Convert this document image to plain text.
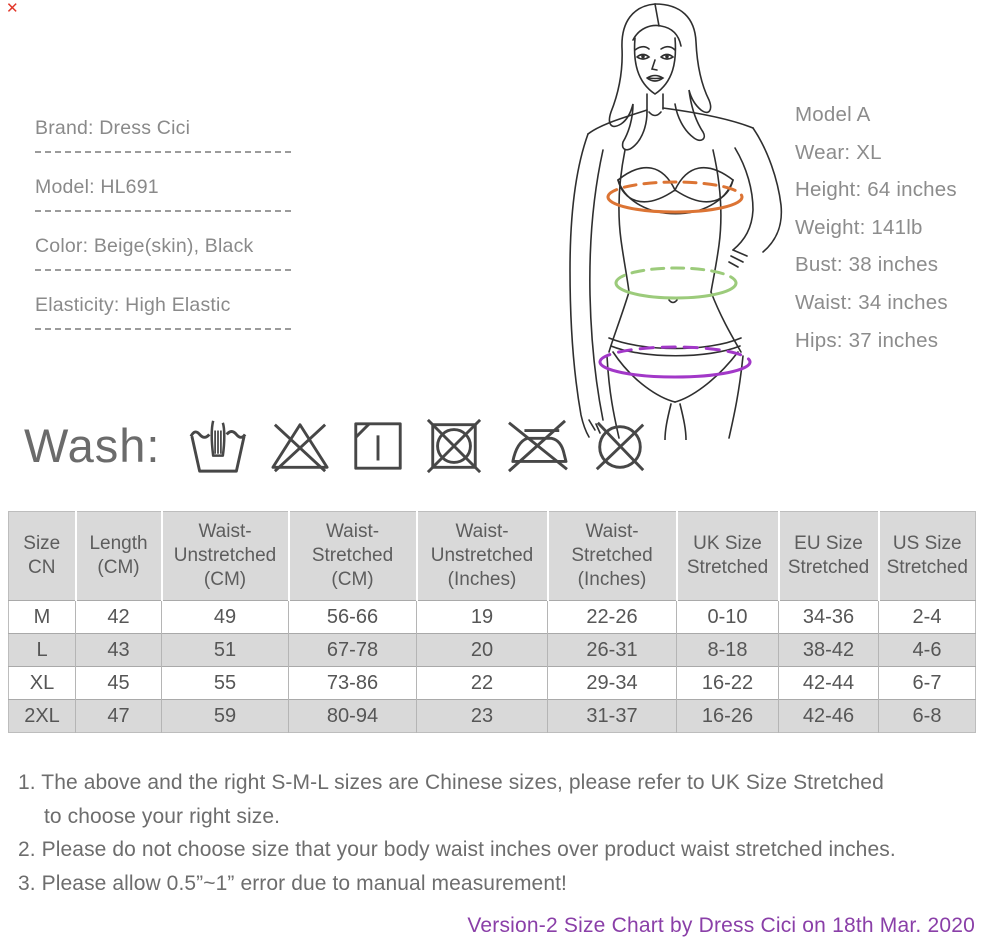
✕
Brand: Dress Cici
Model: HL691
Color: Beige(skin), Black
Elasticity: High Elastic
Model A
Wear: XL
Height: 64 inches
Weight: 141lb
Bust: 38 inches
Waist: 34 inches
Hips: 37 inches
Wash:
Size CN	Length (CM)	Waist-Unstretched (CM)	Waist-Stretched (CM)	Waist-Unstretched (Inches)	Waist-Stretched (Inches)	UK Size Stretched	EU Size Stretched	US Size Stretched
M	42	49	56-66	19	22-26	0-10	34-36	2-4
L	43	51	67-78	20	26-31	8-18	38-42	4-6
XL	45	55	73-86	22	29-34	16-22	42-44	6-7
2XL	47	59	80-94	23	31-37	16-26	42-46	6-8
1. The above and the right S-M-L sizes are Chinese sizes, please refer to UK Size Stretched
to choose your right size.
2. Please do not choose size that your body waist inches over product waist stretched inches.
3. Please allow 0.5”~1” error due to manual measurement!
Version-2 Size Chart by Dress Cici on 18th Mar. 2020
